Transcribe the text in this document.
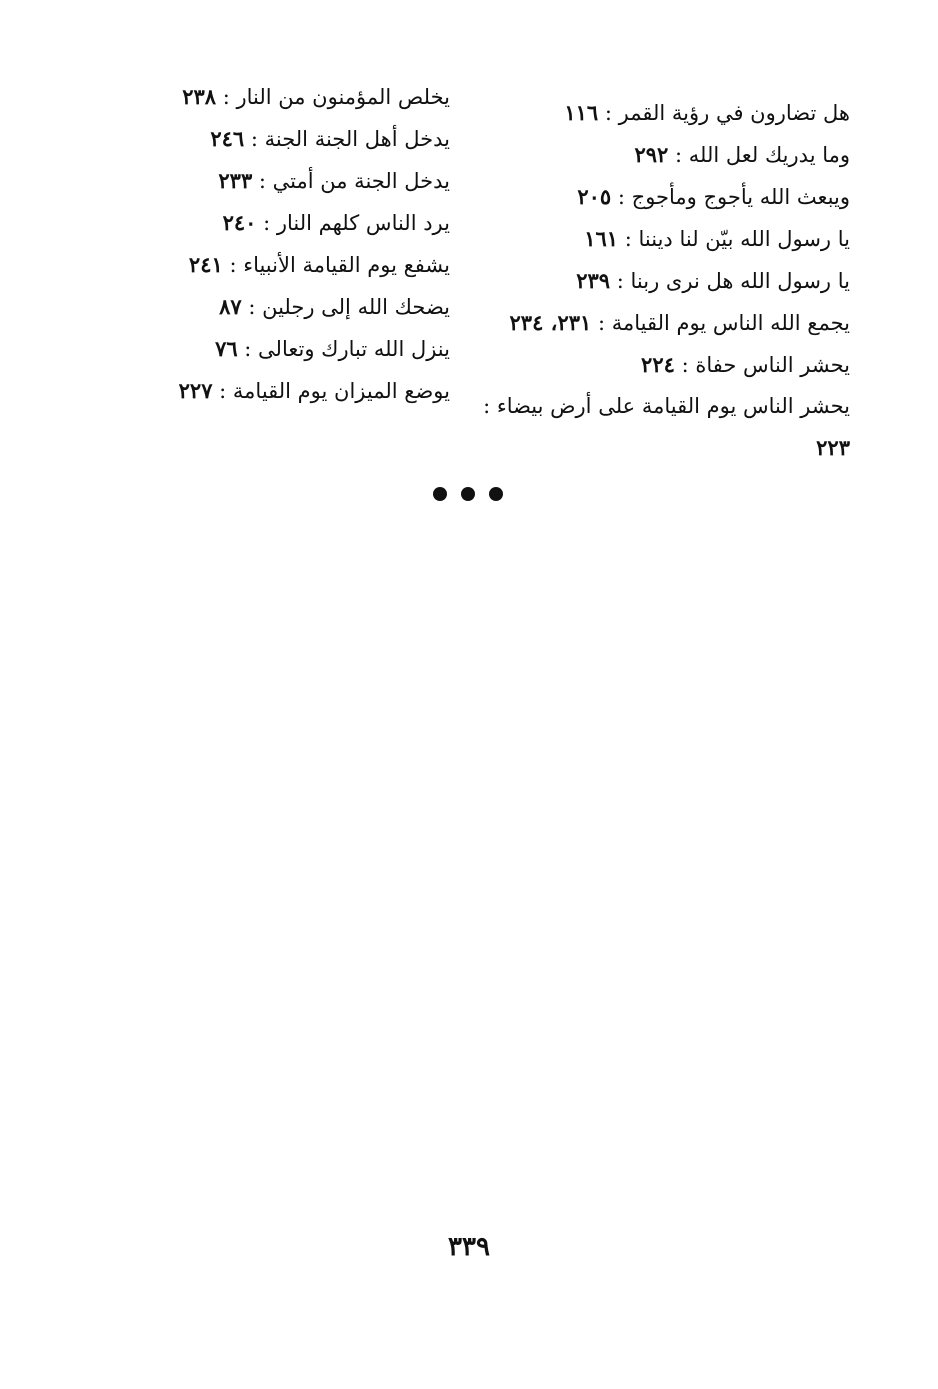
هل تضارون في رؤية القمر : ١١٦
وما يدريك لعل الله : ٢٩٢
ويبعث الله يأجوج ومأجوج : ٢٠٥
يا رسول الله بيّن لنا ديننا : ١٦١
يا رسول الله هل نرى ربنا : ٢٣٩
يجمع الله الناس يوم القيامة : ٢٣١، ٢٣٤
يحشر الناس حفاة : ٢٢٤
يحشر الناس يوم القيامة على أرض بيضاء : ٢٢٣
يخلص المؤمنون من النار : ٢٣٨
يدخل أهل الجنة الجنة : ٢٤٦
يدخل الجنة من أمتي : ٢٣٣
يرد الناس كلهم النار : ٢٤٠
يشفع يوم القيامة الأنبياء : ٢٤١
يضحك الله إلى رجلين : ٨٧
ينزل الله تبارك وتعالى : ٧٦
يوضع الميزان يوم القيامة : ٢٢٧
٣٣٩
